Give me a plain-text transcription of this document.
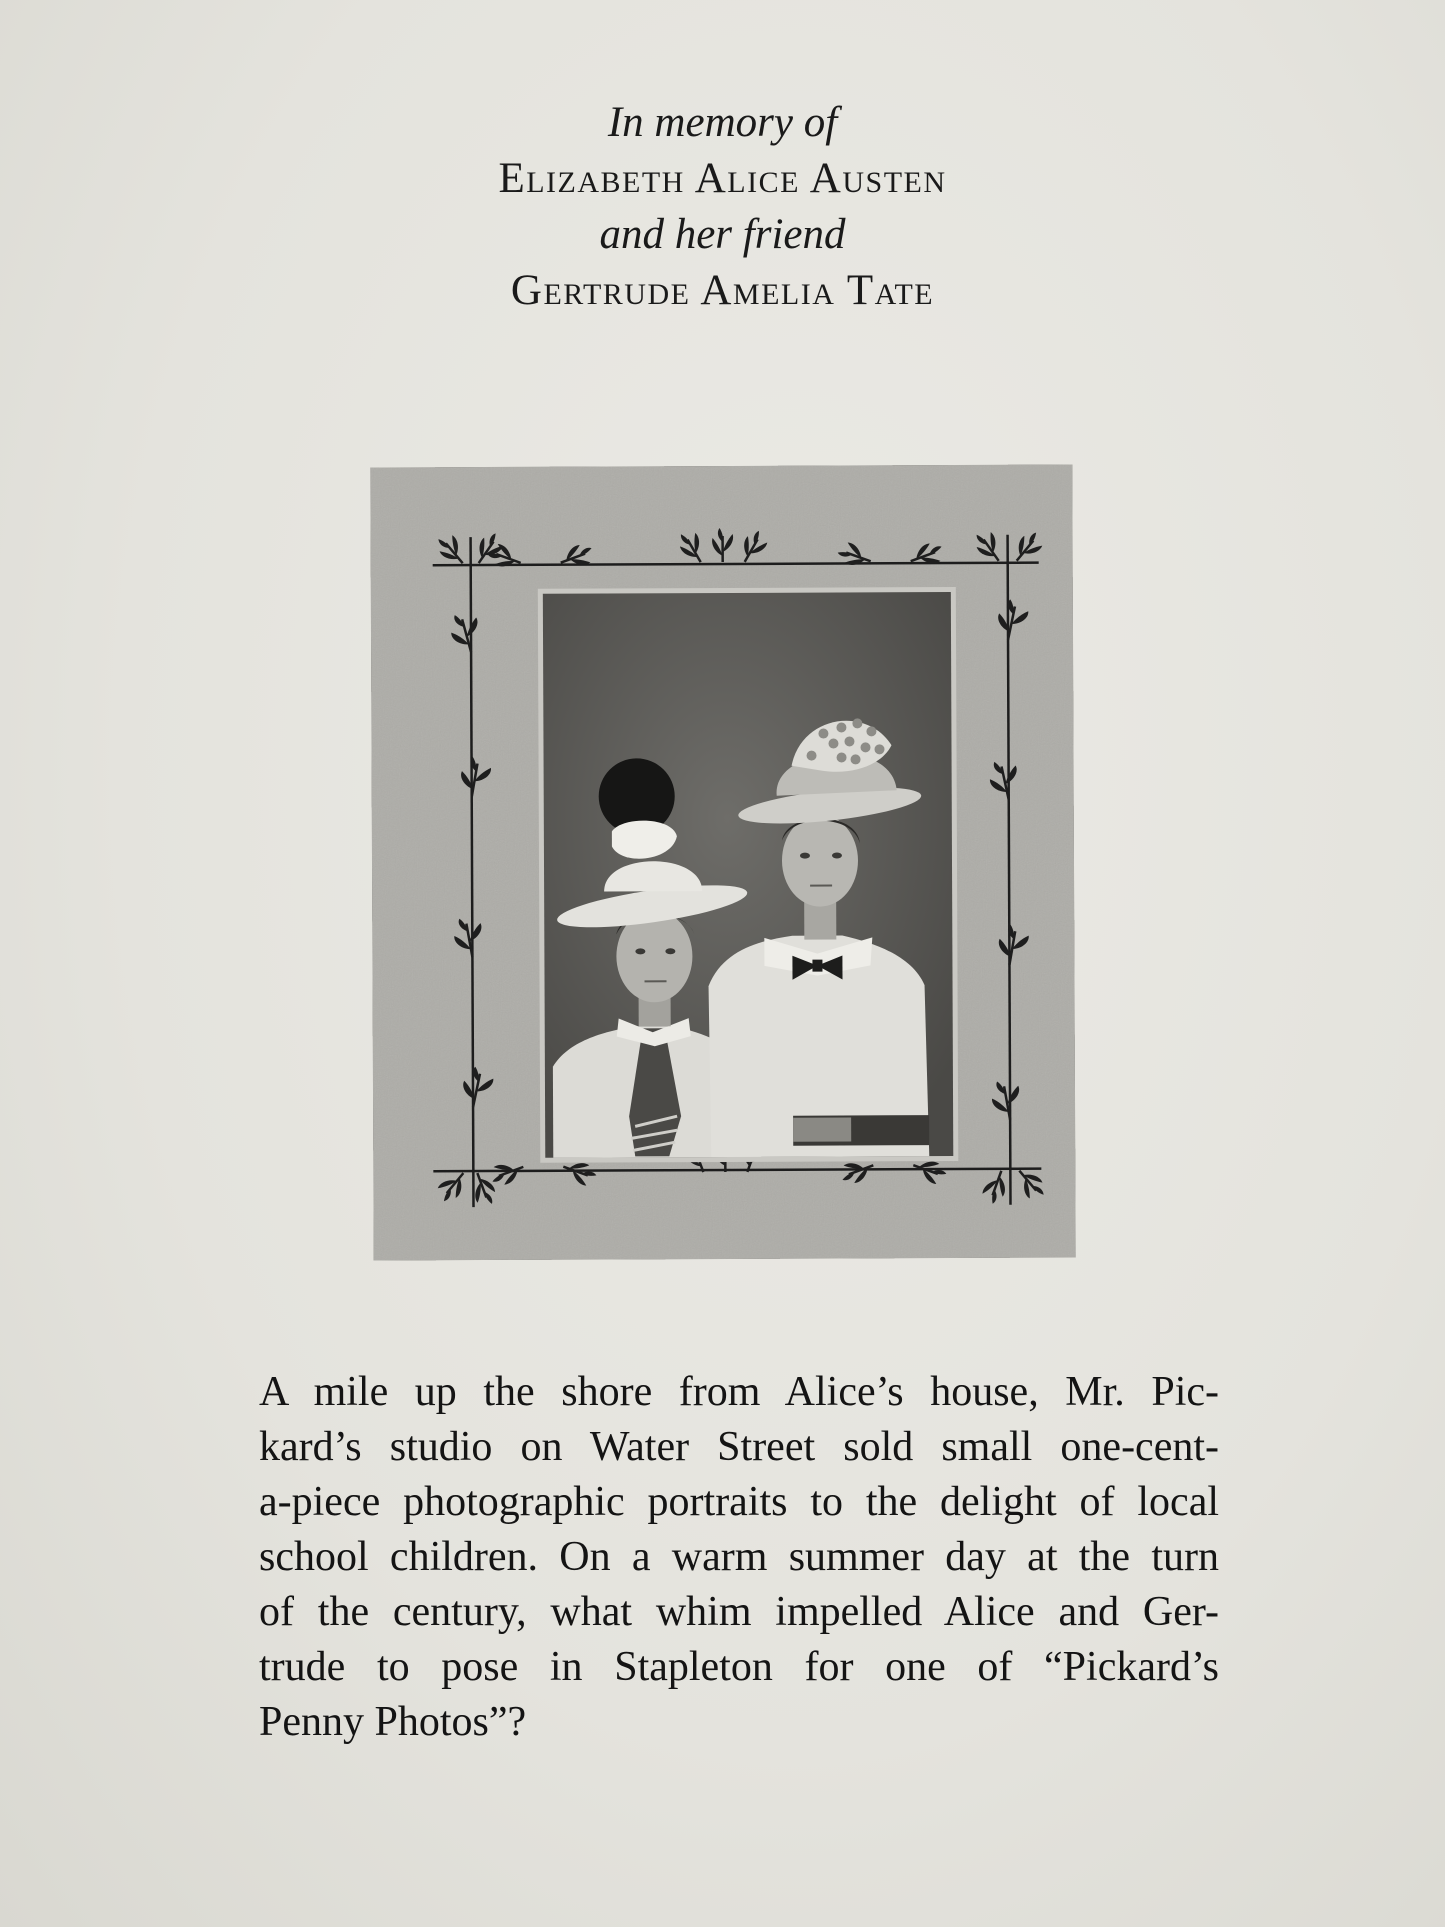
In memory of
Elizabeth Alice Austen
and her friend
Gertrude Amelia Tate
A mile up the shore from Alice’s house, Mr. Pic-
kard’s studio on Water Street sold small one-cent-
a-piece photographic portraits to the delight of local
school children. On a warm summer day at the turn
of the century, what whim impelled Alice and Ger-
trude to pose in Stapleton for one of “Pickard’s
Penny Photos”?
